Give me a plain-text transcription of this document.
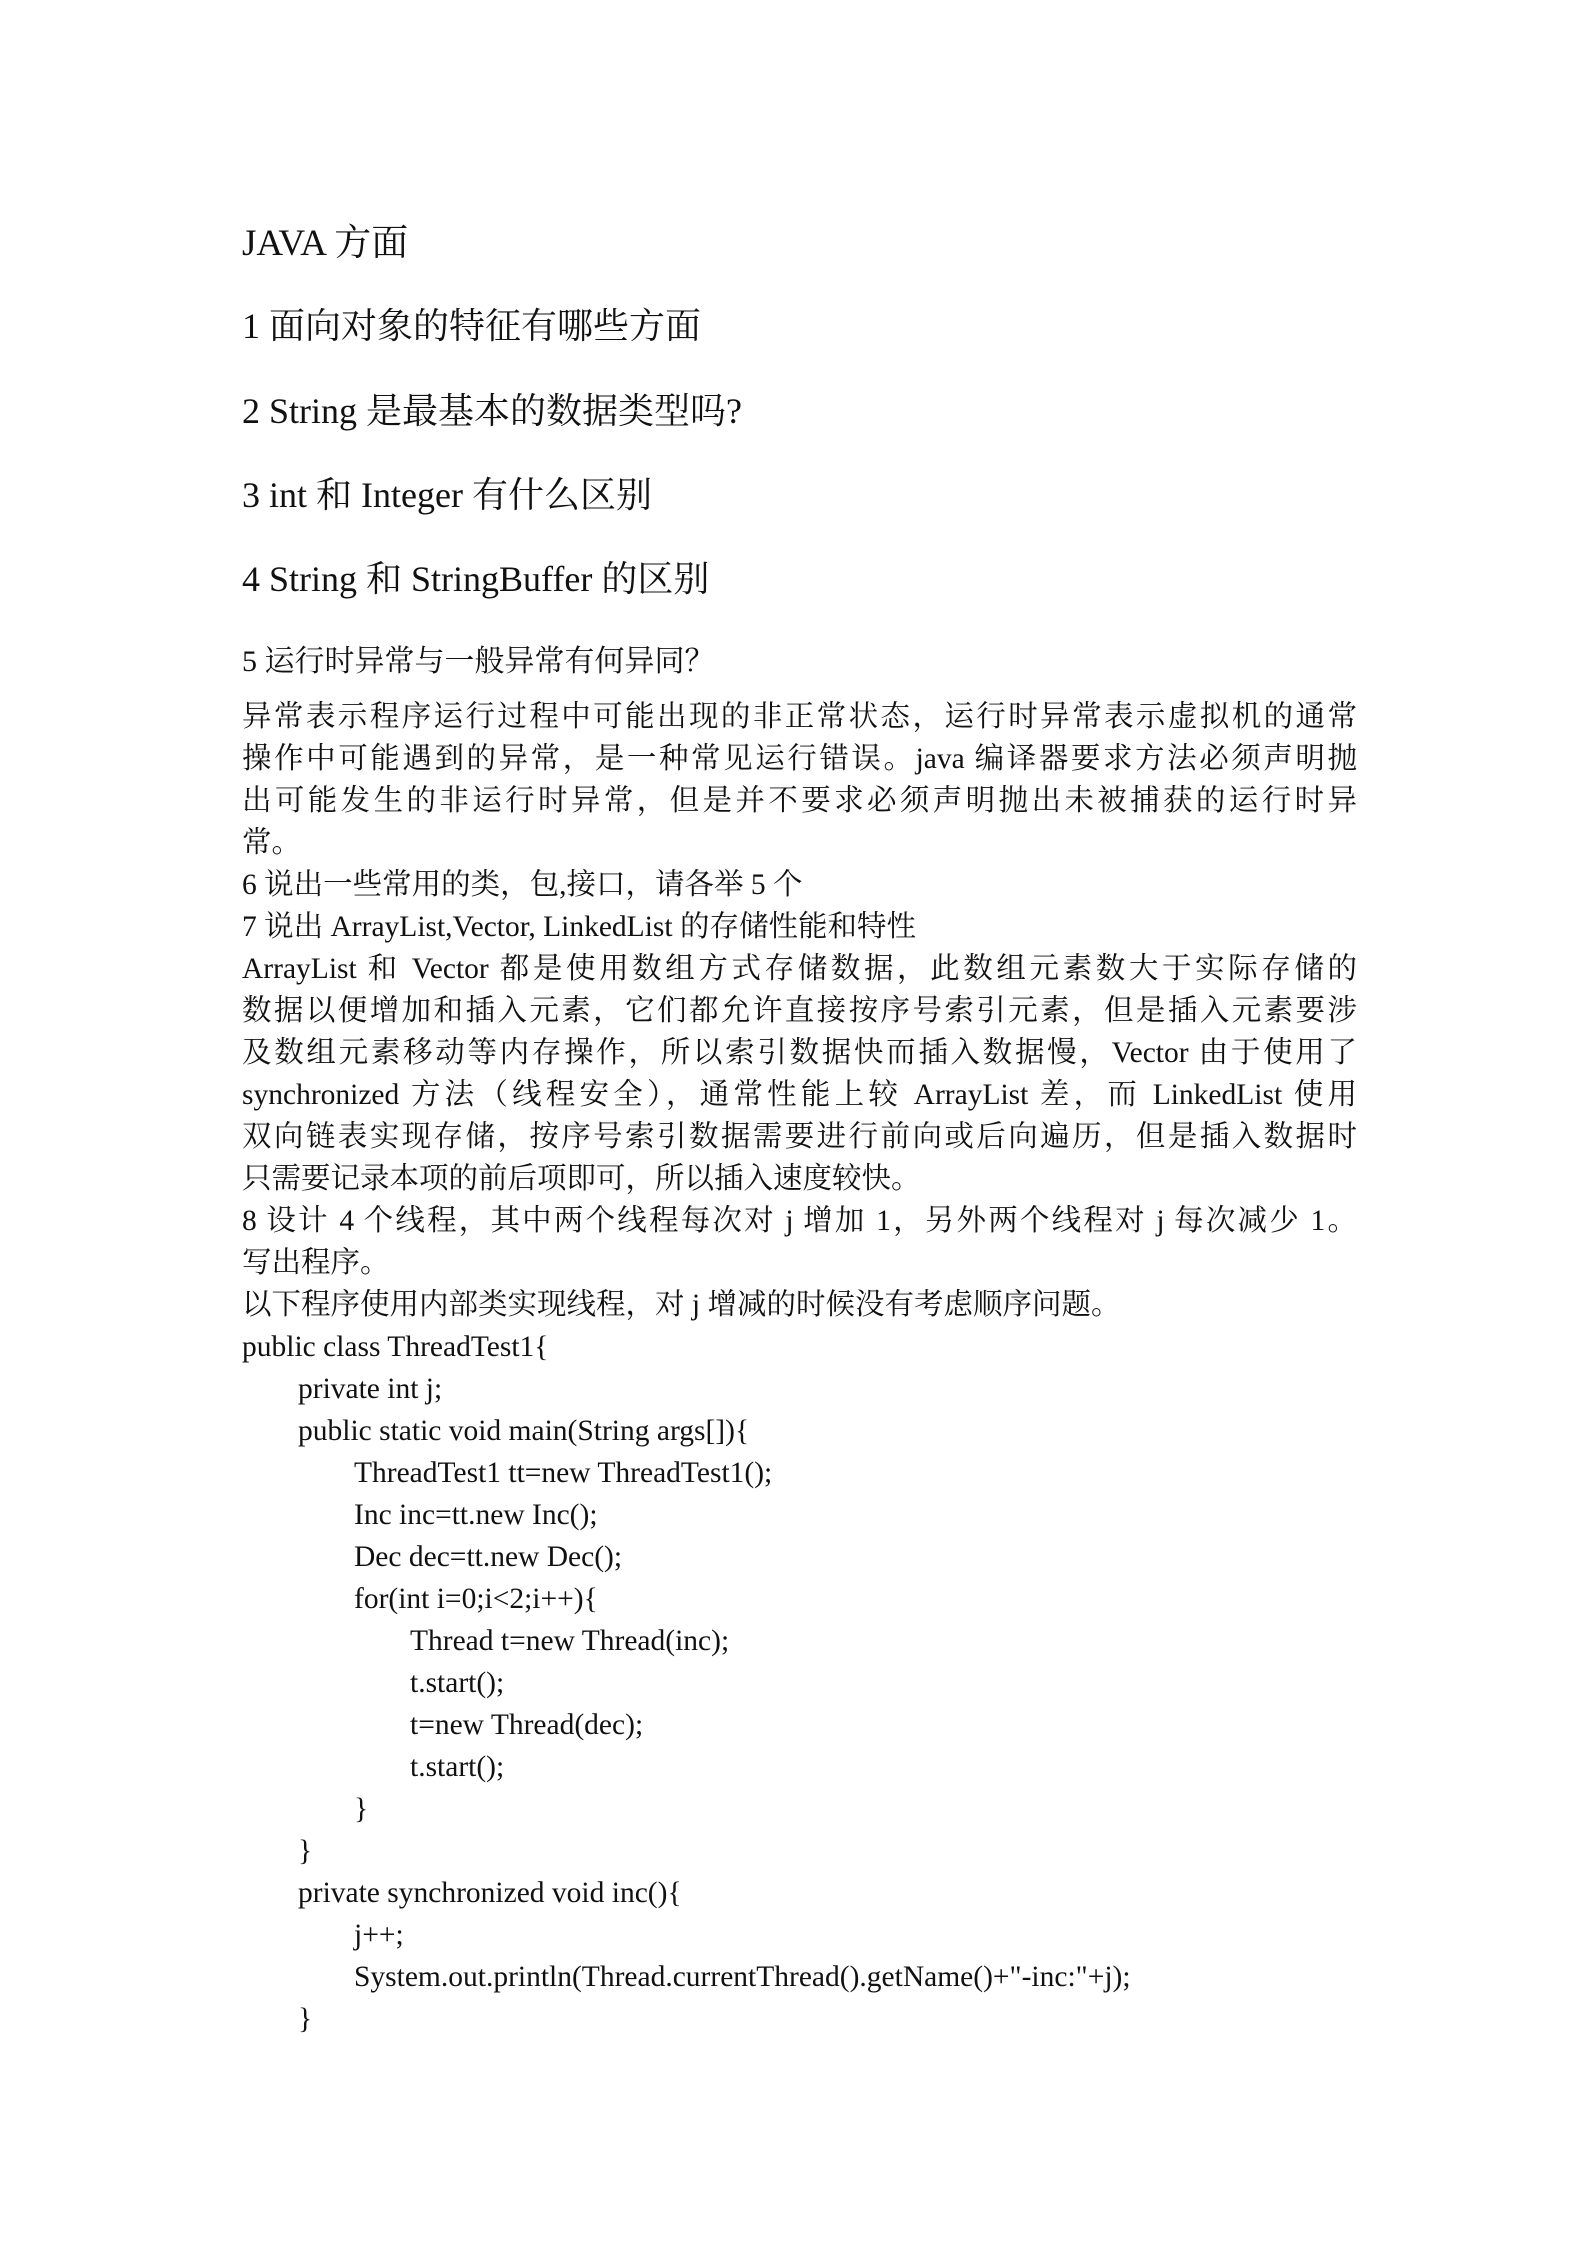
JAVA 方面
1 面向对象的特征有哪些方面
2 String 是最基本的数据类型吗?
3 int 和 Integer 有什么区别
4 String 和 StringBuffer 的区别
5 运行时异常与一般异常有何异同？
异常表示程序运行过程中可能出现的非正常状态，运行时异常表示虚拟机的通常
操作中可能遇到的异常，是一种常见运行错误。java 编译器要求方法必须声明抛
出可能发生的非运行时异常，但是并不要求必须声明抛出未被捕获的运行时异
常。
6 说出一些常用的类，包,接口，请各举 5 个
7 说出 ArrayList,Vector, LinkedList 的存储性能和特性
ArrayList 和 Vector 都是使用数组方式存储数据，此数组元素数大于实际存储的
数据以便增加和插入元素，它们都允许直接按序号索引元素，但是插入元素要涉
及数组元素移动等内存操作，所以索引数据快而插入数据慢，Vector 由于使用了
synchronized 方法（线程安全），通常性能上较 ArrayList 差，而 LinkedList 使用
双向链表实现存储，按序号索引数据需要进行前向或后向遍历，但是插入数据时
只需要记录本项的前后项即可，所以插入速度较快。
8 设计 4 个线程，其中两个线程每次对 j 增加 1，另外两个线程对 j 每次减少 1。
写出程序。
以下程序使用内部类实现线程，对 j 增减的时候没有考虑顺序问题。
public class ThreadTest1{
private int j;
public static void main(String args[]){
ThreadTest1 tt=new ThreadTest1();
Inc inc=tt.new Inc();
Dec dec=tt.new Dec();
for(int i=0;i<2;i++){
Thread t=new Thread(inc);
t.start();
t=new Thread(dec);
t.start();
}
}
private synchronized void inc(){
j++;
System.out.println(Thread.currentThread().getName()+"-inc:"+j);
}
